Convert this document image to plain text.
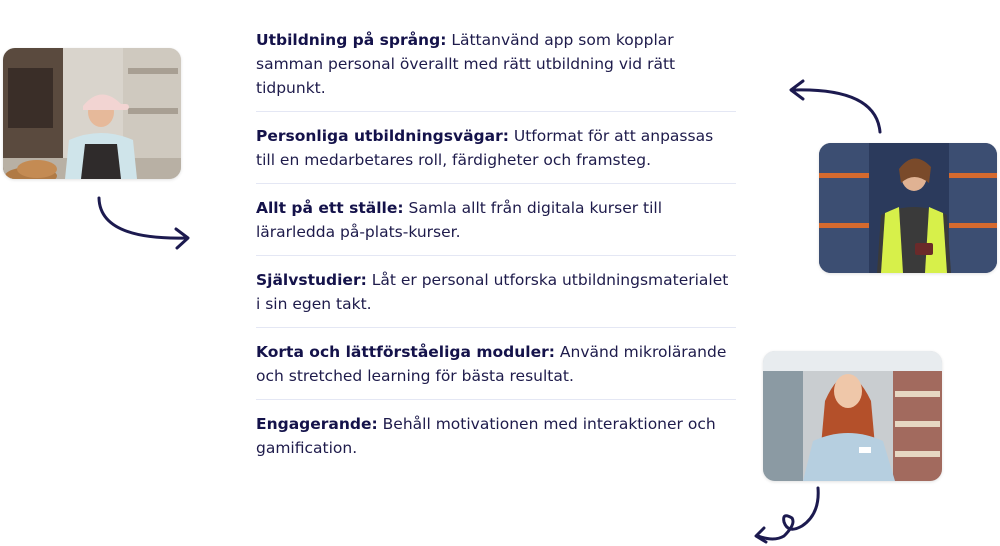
Utbildning på språng: Lättanvänd app som kopplar samman personal överallt med rätt utbildning vid rätt tidpunkt.
Personliga utbildningsvägar: Utformat för att anpassas till en medarbetares roll, färdigheter och framsteg.
Allt på ett ställe: Samla allt från digitala kurser till lärarledda på-plats-kurser.
Självstudier: Låt er personal utforska utbildningsmaterialet i sin egen takt.
Korta och lättförståeliga moduler: Använd mikrolärande och stretched learning för bästa resultat.
Engagerande: Behåll motivationen med interaktioner och gamification.
